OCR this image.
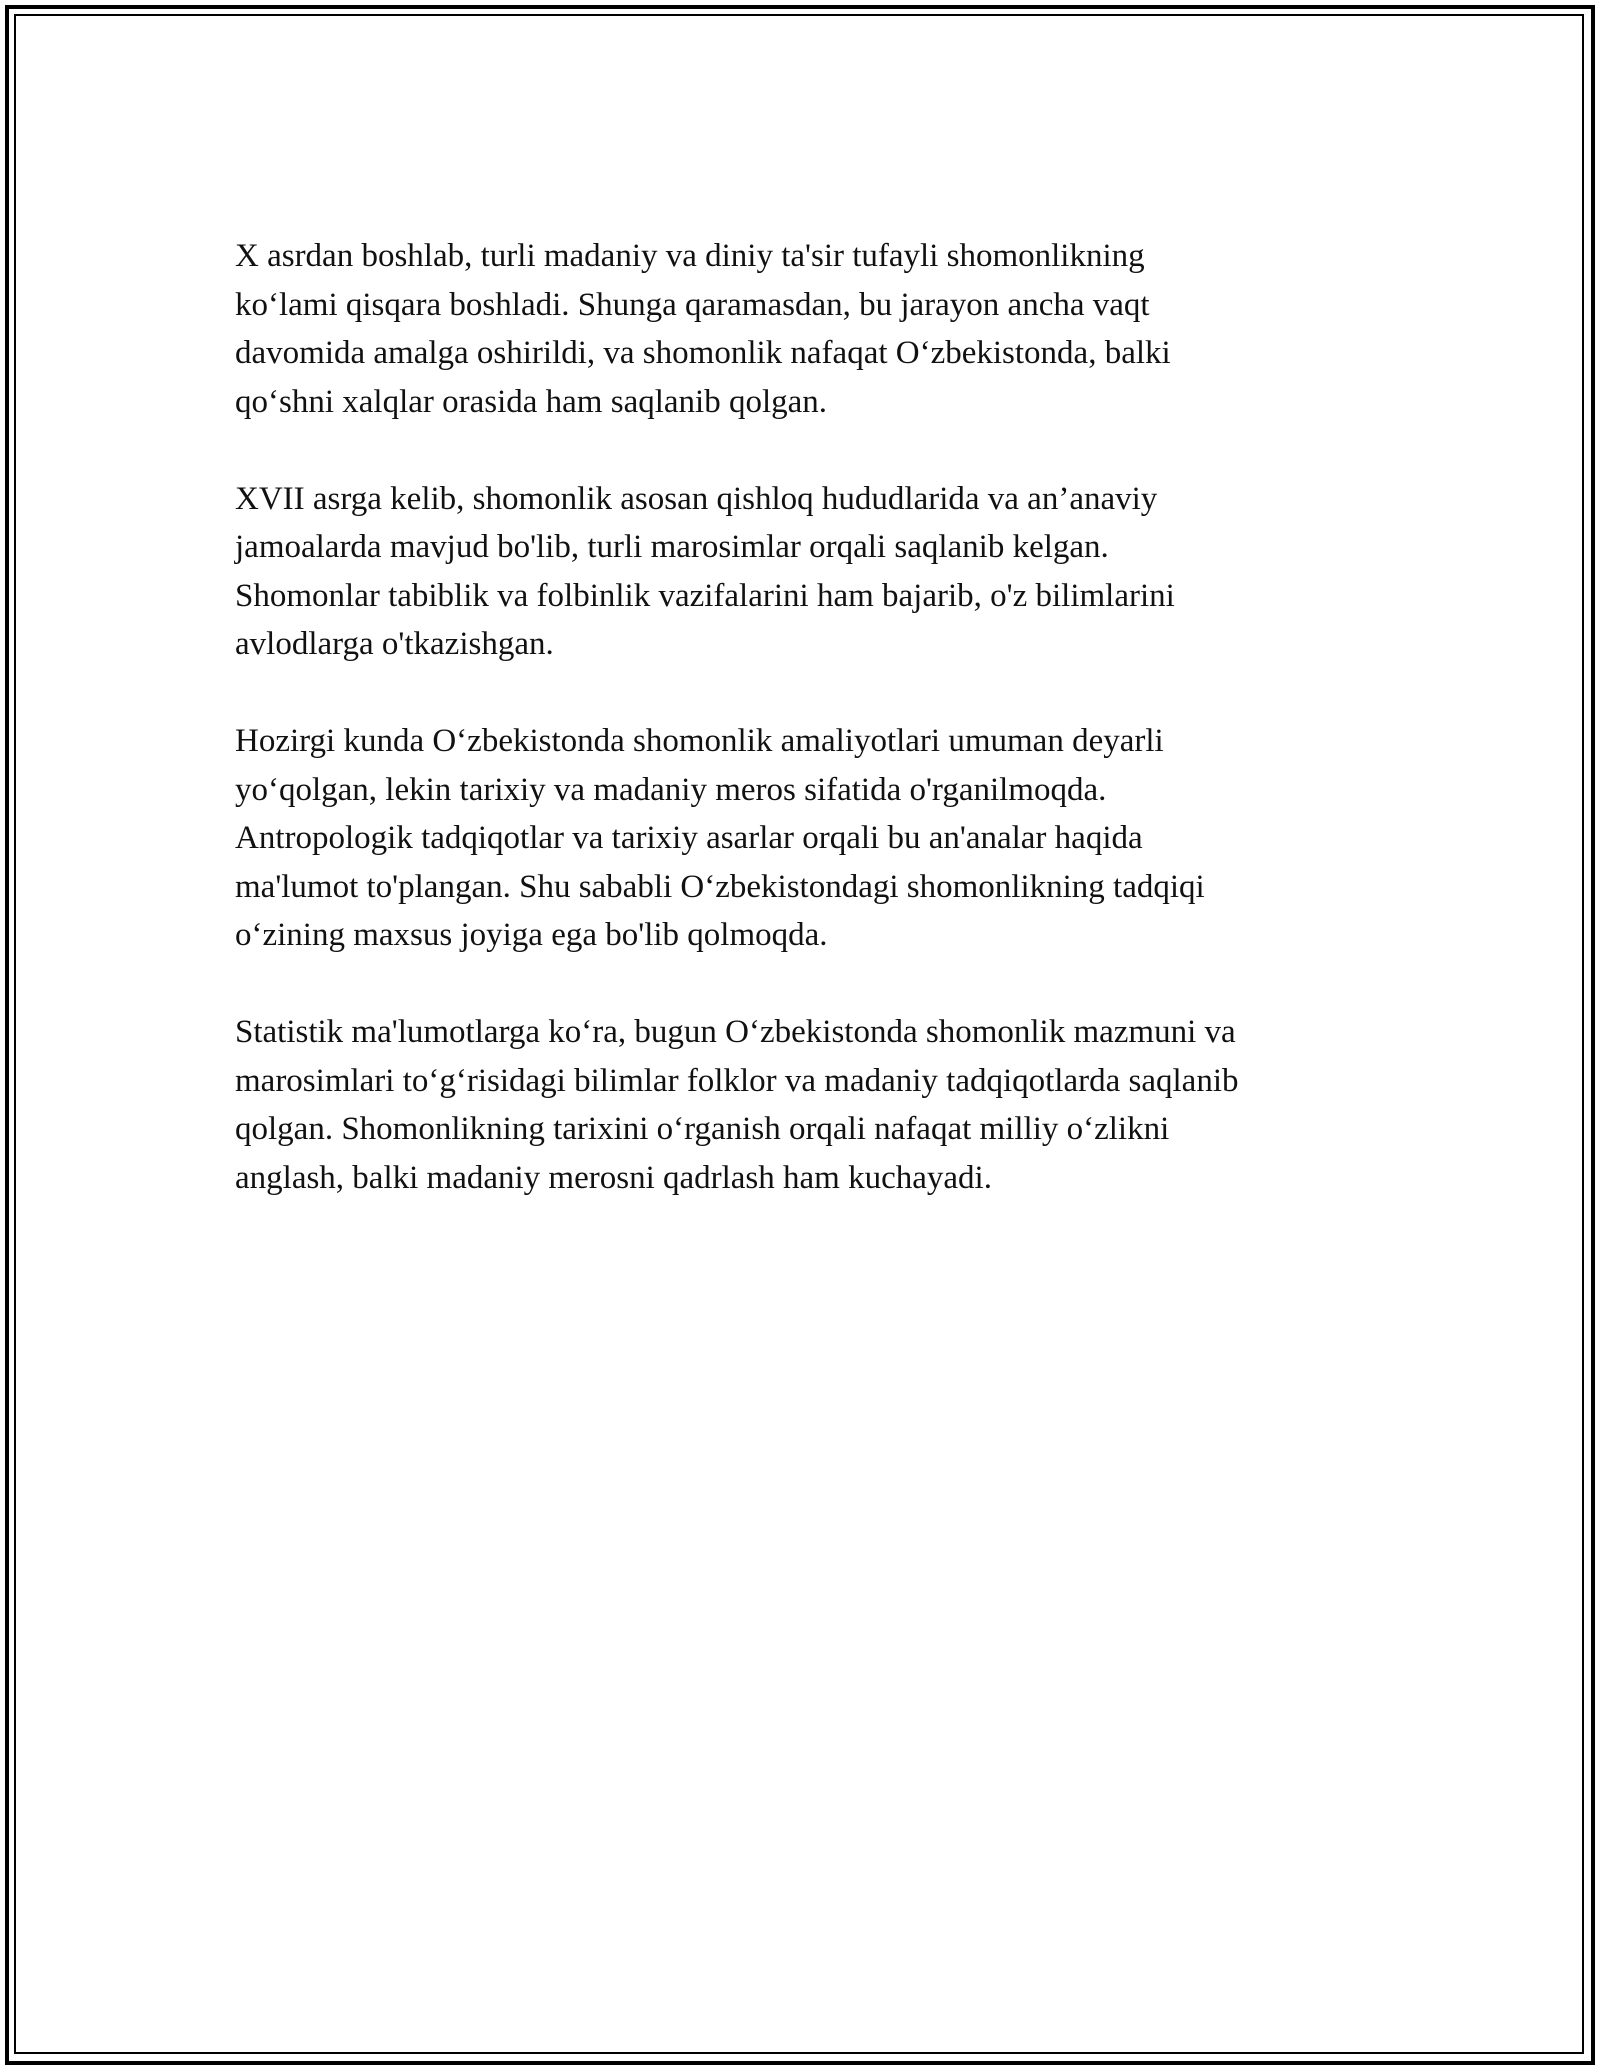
X asrdan boshlab, turli madaniy va diniy ta'sir tufayli shomonlikning
ko‘lami qisqara boshladi. Shunga qaramasdan, bu jarayon ancha vaqt
davomida amalga oshirildi, va shomonlik nafaqat O‘zbekistonda, balki
qo‘shni xalqlar orasida ham saqlanib qolgan.

XVII asrga kelib, shomonlik asosan qishloq hududlarida va an’anaviy
jamoalarda mavjud bo'lib, turli marosimlar orqali saqlanib kelgan.
Shomonlar tabiblik va folbinlik vazifalarini ham bajarib, o'z bilimlarini
avlodlarga o'tkazishgan.

Hozirgi kunda O‘zbekistonda shomonlik amaliyotlari umuman deyarli
yo‘qolgan, lekin tarixiy va madaniy meros sifatida o'rganilmoqda.
Antropologik tadqiqotlar va tarixiy asarlar orqali bu an'analar haqida
ma'lumot to'plangan. Shu sababli O‘zbekistondagi shomonlikning tadqiqi
o‘zining maxsus joyiga ega bo'lib qolmoqda.

Statistik ma'lumotlarga ko‘ra, bugun O‘zbekistonda shomonlik mazmuni va
marosimlari to‘g‘risidagi bilimlar folklor va madaniy tadqiqotlarda saqlanib
qolgan. Shomonlikning tarixini o‘rganish orqali nafaqat milliy o‘zlikni
anglash, balki madaniy merosni qadrlash ham kuchayadi.
